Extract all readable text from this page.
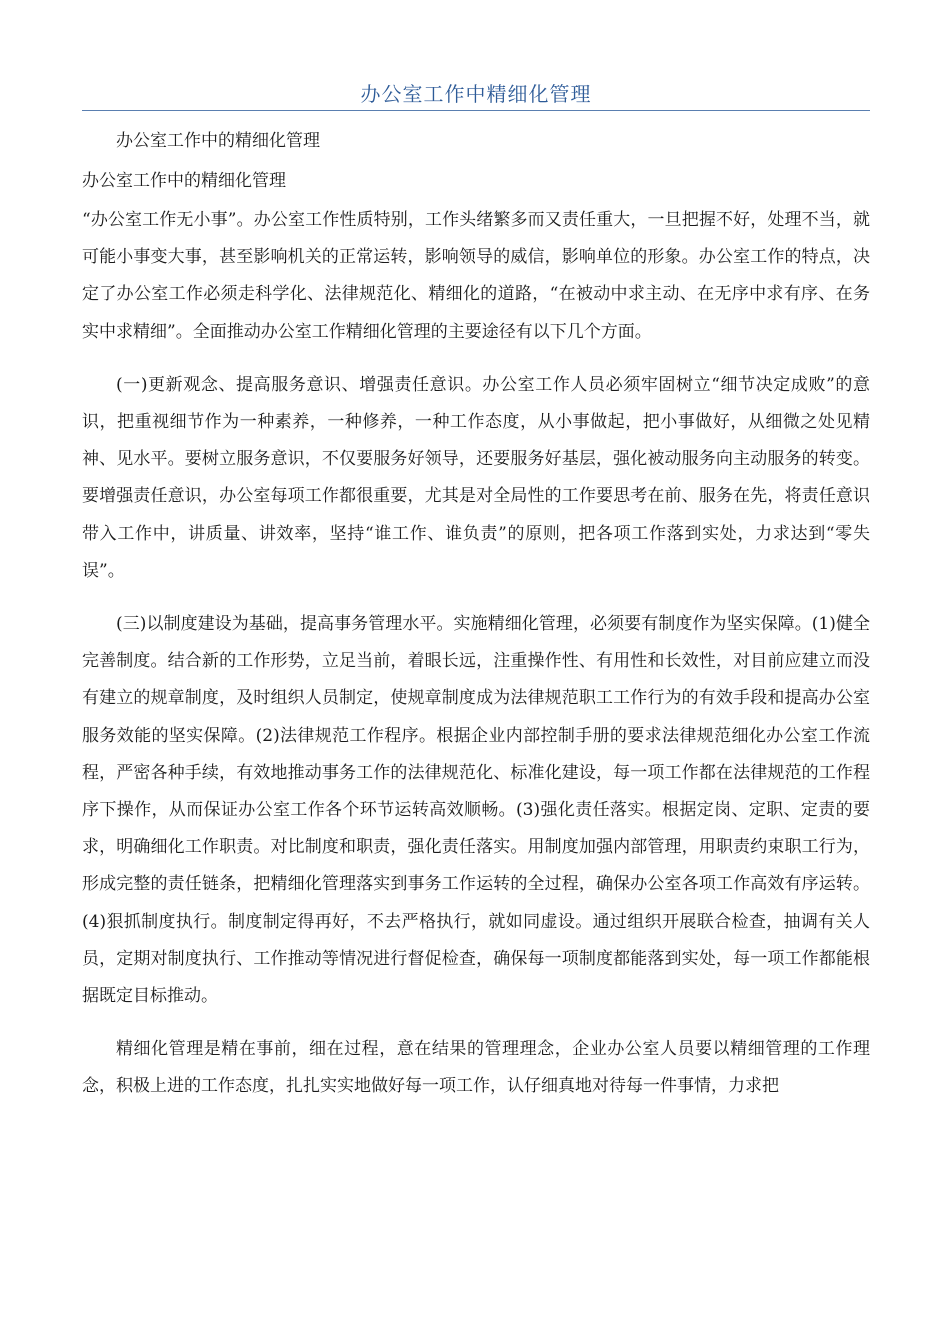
办公室工作中精细化管理

办公室工作中的精细化管理

办公室工作中的精细化管理

“办公室工作无小事”。办公室工作性质特别，工作头绪繁多而又责任重大，一旦把握不好，处理不当，就可能小事变大事，甚至影响机关的正常运转，影响领导的威信，影响单位的形象。办公室工作的特点，决定了办公室工作必须走科学化、法律规范化、精细化的道路，“在被动中求主动、在无序中求有序、在务实中求精细”。全面推动办公室工作精细化管理的主要途径有以下几个方面。

(一)更新观念、提高服务意识、增强责任意识。办公室工作人员必须牢固树立“细节决定成败”的意识，把重视细节作为一种素养，一种修养，一种工作态度，从小事做起，把小事做好，从细微之处见精神、见水平。要树立服务意识，不仅要服务好领导，还要服务好基层，强化被动服务向主动服务的转变。要增强责任意识，办公室每项工作都很重要，尤其是对全局性的工作要思考在前、服务在先，将责任意识带入工作中，讲质量、讲效率，坚持“谁工作、谁负责”的原则，把各项工作落到实处，力求达到“零失误”。

(三)以制度建设为基础，提高事务管理水平。实施精细化管理，必须要有制度作为坚实保障。(1)健全完善制度。结合新的工作形势，立足当前，着眼长远，注重操作性、有用性和长效性，对目前应建立而没有建立的规章制度，及时组织人员制定，使规章制度成为法律规范职工工作行为的有效手段和提高办公室服务效能的坚实保障。(2)法律规范工作程序。根据企业内部控制手册的要求法律规范细化办公室工作流程，严密各种手续，有效地推动事务工作的法律规范化、标准化建设，每一项工作都在法律规范的工作程序下操作，从而保证办公室工作各个环节运转高效顺畅。(3)强化责任落实。根据定岗、定职、定责的要求，明确细化工作职责。对比制度和职责，强化责任落实。用制度加强内部管理，用职责约束职工行为，形成完整的责任链条，把精细化管理落实到事务工作运转的全过程，确保办公室各项工作高效有序运转。(4)狠抓制度执行。制度制定得再好，不去严格执行，就如同虚设。通过组织开展联合检查，抽调有关人员，定期对制度执行、工作推动等情况进行督促检查，确保每一项制度都能落到实处，每一项工作都能根据既定目标推动。

精细化管理是精在事前，细在过程，意在结果的管理理念，企业办公室人员要以精细管理的工作理念，积极上进的工作态度，扎扎实实地做好每一项工作，认仔细真地对待每一件事情，力求把
